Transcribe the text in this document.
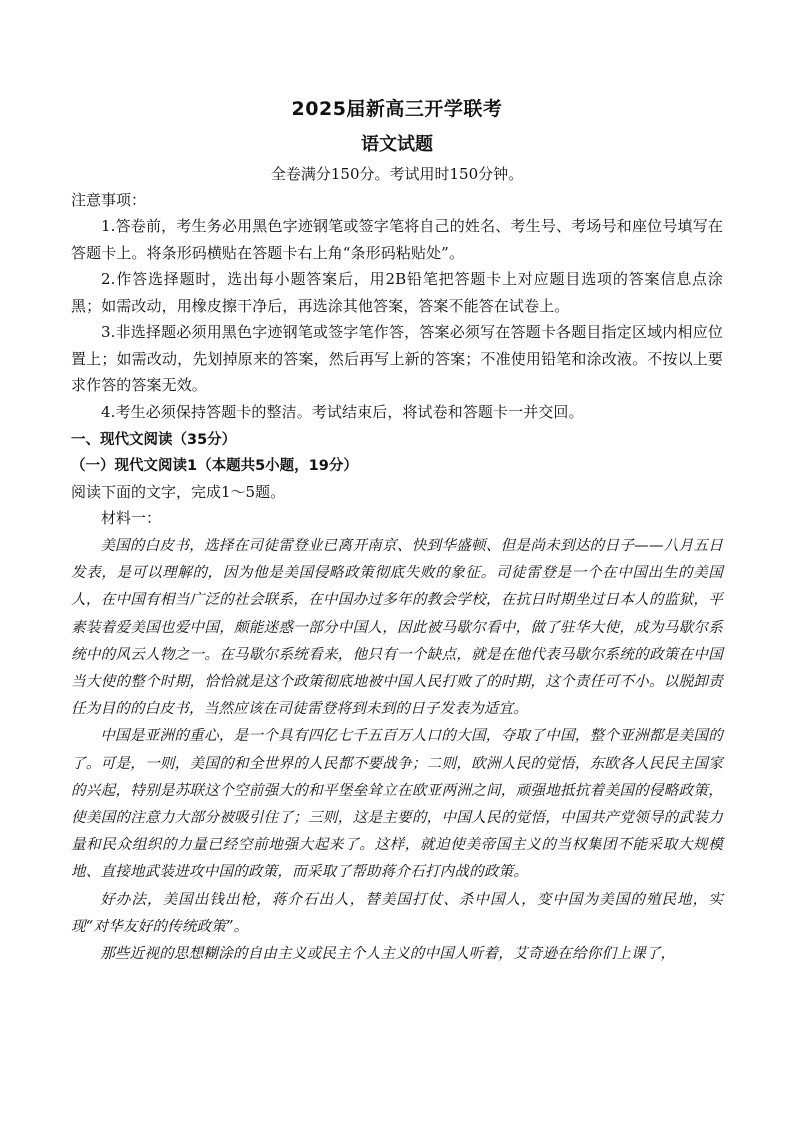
2025届新高三开学联考
语文试题
全卷满分150分。考试用时150分钟。
注意事项：
1.答卷前，考生务必用黑色字迹钢笔或签字笔将自己的姓名、考生号、考场号和座位号填写在答题卡上。将条形码横贴在答题卡右上角“条形码粘贴处”。
2.作答选择题时，选出每小题答案后，用2B铅笔把答题卡上对应题目选项的答案信息点涂黑；如需改动，用橡皮擦干净后，再选涂其他答案，答案不能答在试卷上。
3.非选择题必须用黑色字迹钢笔或签字笔作答，答案必须写在答题卡各题目指定区域内相应位置上；如需改动，先划掉原来的答案，然后再写上新的答案；不准使用铅笔和涂改液。不按以上要求作答的答案无效。
4.考生必须保持答题卡的整洁。考试结束后，将试卷和答题卡一并交回。
一、现代文阅读（35分）
（一）现代文阅读1（本题共5小题，19分）
阅读下面的文字，完成1～5题。
材料一：
美国的白皮书，选择在司徒雷登业已离开南京、快到华盛顿、但是尚未到达的日子——八月五日发表，是可以理解的，因为他是美国侵略政策彻底失败的象征。司徒雷登是一个在中国出生的美国人，在中国有相当广泛的社会联系，在中国办过多年的教会学校，在抗日时期坐过日本人的监狱，平素装着爱美国也爱中国，颇能迷惑一部分中国人，因此被马歇尔看中，做了驻华大使，成为马歇尔系统中的风云人物之一。在马歇尔系统看来，他只有一个缺点，就是在他代表马歇尔系统的政策在中国当大使的整个时期，恰恰就是这个政策彻底地被中国人民打败了的时期，这个责任可不小。以脱卸责任为目的的白皮书，当然应该在司徒雷登将到未到的日子发表为适宜。
中国是亚洲的重心，是一个具有四亿七千五百万人口的大国，夺取了中国，整个亚洲都是美国的了。可是，一则，美国的和全世界的人民都不要战争；二则，欧洲人民的觉悟，东欧各人民民主国家的兴起，特别是苏联这个空前强大的和平堡垒耸立在欧亚两洲之间，顽强地抵抗着美国的侵略政策，使美国的注意力大部分被吸引住了；三则，这是主要的，中国人民的觉悟，中国共产党领导的武装力量和民众组织的力量已经空前地强大起来了。这样，就迫使美帝国主义的当权集团不能采取大规模地、直接地武装进攻中国的政策，而采取了帮助蒋介石打内战的政策。
好办法，美国出钱出枪，蒋介石出人，替美国打仗、杀中国人，变中国为美国的殖民地，实现“对华友好的传统政策”。
那些近视的思想糊涂的自由主义或民主个人主义的中国人听着，艾奇逊在给你们上课了，
